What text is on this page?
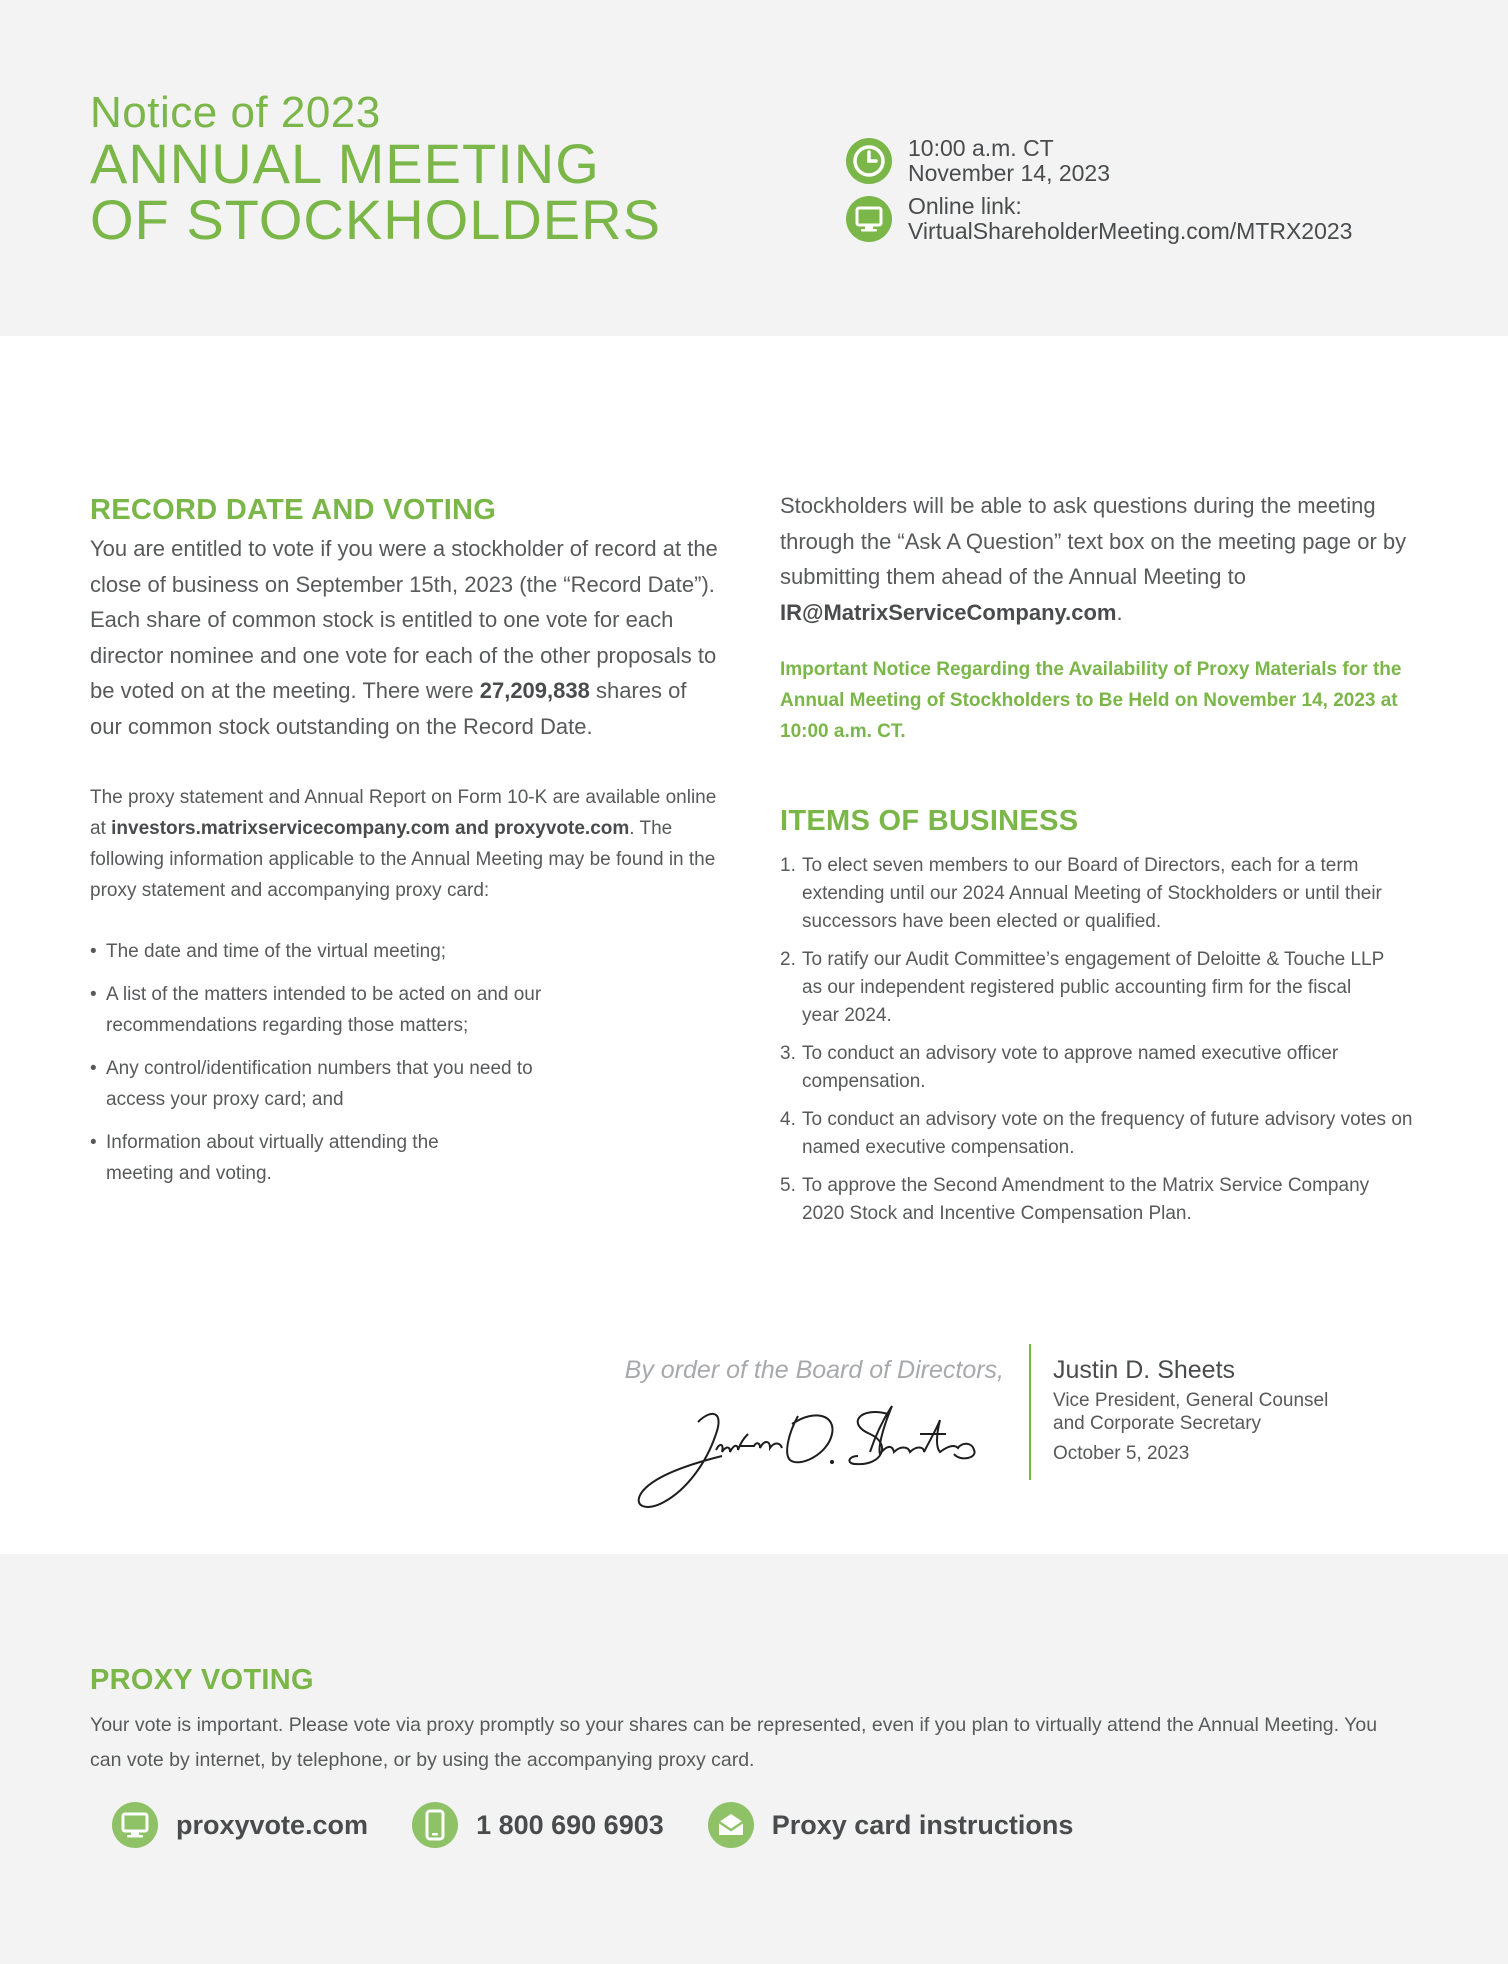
Notice of 2023
ANNUAL MEETING
OF STOCKHOLDERS
10:00 a.m. CT
November 14, 2023
Online link:
VirtualShareholderMeeting.com/MTRX2023
RECORD DATE AND VOTING

You are entitled to vote if you were a stockholder of record at the close of business on September 15th, 2023 (the “Record Date”). Each share of common stock is entitled to one vote for each director nominee and one vote for each of the other proposals to be voted on at the meeting. There were 27,209,838 shares of our common stock outstanding on the Record Date.

The proxy statement and Annual Report on Form 10-K are available online at investors.matrixservicecompany.com and proxyvote.com. The following information applicable to the Annual Meeting may be found in the proxy statement and accompanying proxy card:

• The date and time of the virtual meeting;
• A list of the matters intended to be acted on and our recommendations regarding those matters;
• Any control/identification numbers that you need to access your proxy card; and
• Information about virtually attending the meeting and voting.

Stockholders will be able to ask questions during the meeting through the “Ask A Question” text box on the meeting page or by submitting them ahead of the Annual Meeting to IR@MatrixServiceCompany.com.

Important Notice Regarding the Availability of Proxy Materials for the Annual Meeting of Stockholders to Be Held on November 14, 2023 at 10:00 a.m. CT.

ITEMS OF BUSINESS
1. To elect seven members to our Board of Directors, each for a term extending until our 2024 Annual Meeting of Stockholders or until their successors have been elected or qualified.
2. To ratify our Audit Committee’s engagement of Deloitte & Touche LLP as our independent registered public accounting firm for the fiscal year 2024.
3. To conduct an advisory vote to approve named executive officer compensation.
4. To conduct an advisory vote on the frequency of future advisory votes on named executive compensation.
5. To approve the Second Amendment to the Matrix Service Company 2020 Stock and Incentive Compensation Plan.
By order of the Board of Directors, Justin D. Sheets
Vice President, General Counsel
and Corporate Secretary
October 5, 2023
PROXY VOTING

Your vote is important. Please vote via proxy promptly so your shares can be represented, even if you plan to virtually attend the Annual Meeting. You can vote by internet, by telephone, or by using the accompanying proxy card.

proxyvote.com	1 800 690 6903	Proxy card instructions
